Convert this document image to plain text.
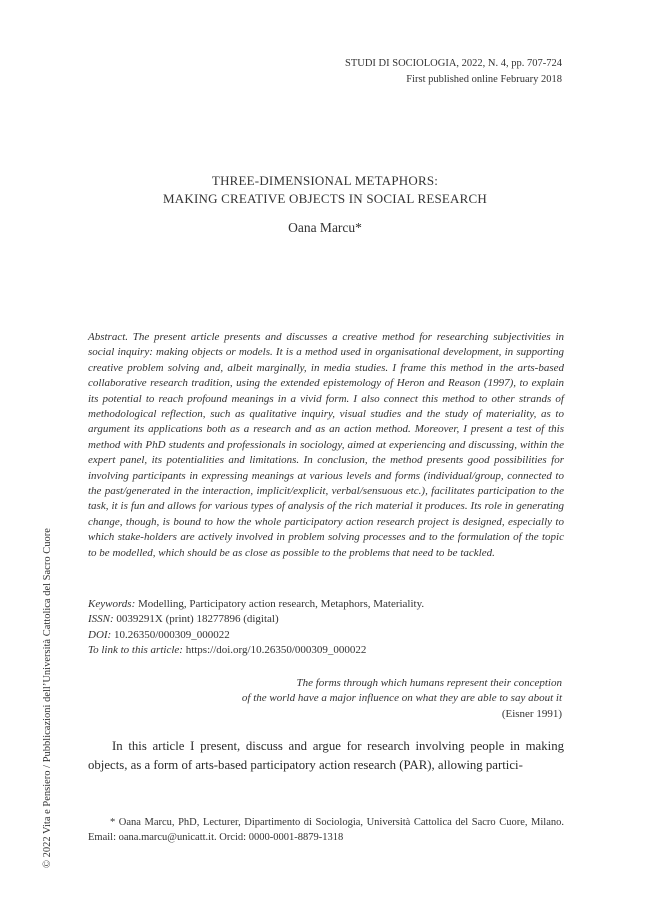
STUDI DI SOCIOLOGIA, 2022, N. 4, pp. 707-724
First published online February 2018
THREE-DIMENSIONAL METAPHORS:
MAKING CREATIVE OBJECTS IN SOCIAL RESEARCH
Oana Marcu*

Abstract. The present article presents and discusses a creative method for researching subjectivities in social inquiry: making objects or models. It is a method used in organisational development, in supporting creative problem solving and, albeit marginally, in media studies. I frame this method in the arts-based collaborative research tradition, using the extended epistemology of Heron and Reason (1997), to explain its potential to reach profound meanings in a vivid form. I also connect this method to other strands of methodological reflection, such as qualitative inquiry, visual studies and the study of materiality, as to argument its applications both as a research and as an action method. Moreover, I present a test of this method with PhD students and professionals in sociology, aimed at experiencing and discussing, within the expert panel, its potentialities and limitations. In conclusion, the method presents good possibilities for involving participants in expressing meanings at various levels and forms (individual/group, connected to the past/generated in the interaction, implicit/explicit, verbal/sensuous etc.), facilitates participation to the task, it is fun and allows for various types of analysis of the rich material it produces. Its role in generating change, though, is bound to how the whole participatory action research project is designed, especially to which stake-holders are actively involved in problem solving processes and to the formulation of the topic to be modelled, which should be as close as possible to the problems that need to be tackled.

Keywords: Modelling, Participatory action research, Metaphors, Materiality.
ISSN: 0039291X (print) 18277896 (digital)
DOI: 10.26350/000309_000022
To link to this article: https://doi.org/10.26350/000309_000022
The forms through which humans represent their conception
of the world have a major influence on what they are able to say about it
(Eisner 1991)

In this article I present, discuss and argue for research involving people in making objects, as a form of arts-based participatory action research (PAR), allowing partici-

* Oana Marcu, PhD, Lecturer, Dipartimento di Sociologia, Università Cattolica del Sacro Cuore, Milano. Email: oana.marcu@unicatt.it. Orcid: 0000-0001-8879-1318

© 2022 Vita e Pensiero / Pubblicazioni dell’Università Cattolica del Sacro Cuore
